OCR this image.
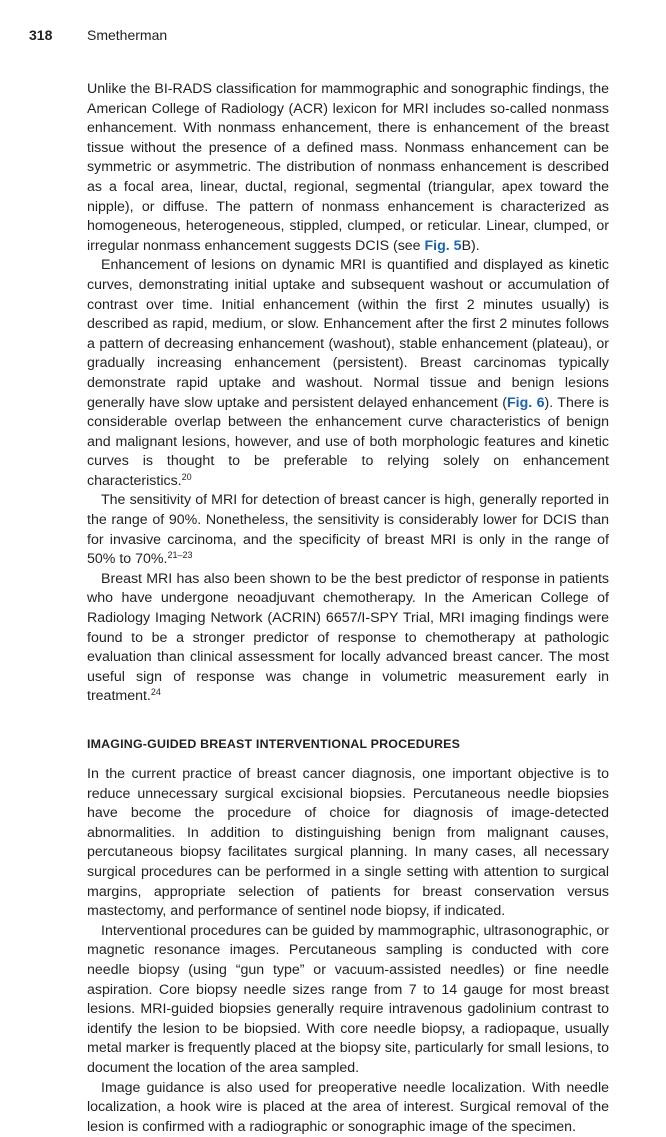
318 Smetherman

Unlike the BI-RADS classification for mammographic and sonographic findings, the American College of Radiology (ACR) lexicon for MRI includes so-called nonmass enhancement. With nonmass enhancement, there is enhancement of the breast tissue without the presence of a defined mass. Nonmass enhancement can be symmetric or asymmetric. The distribution of nonmass enhancement is described as a focal area, linear, ductal, regional, segmental (triangular, apex toward the nipple), or diffuse. The pattern of nonmass enhancement is characterized as homogeneous, heterogeneous, stippled, clumped, or reticular. Linear, clumped, or irregular nonmass enhancement suggests DCIS (see Fig. 5B).

Enhancement of lesions on dynamic MRI is quantified and displayed as kinetic curves, demonstrating initial uptake and subsequent washout or accumulation of contrast over time. Initial enhancement (within the first 2 minutes usually) is described as rapid, medium, or slow. Enhancement after the first 2 minutes follows a pattern of decreasing enhancement (washout), stable enhancement (plateau), or gradually increasing enhancement (persistent). Breast carcinomas typically demonstrate rapid uptake and washout. Normal tissue and benign lesions generally have slow uptake and persistent delayed enhancement (Fig. 6). There is considerable overlap between the enhancement curve characteristics of benign and malignant lesions, however, and use of both morphologic features and kinetic curves is thought to be preferable to relying solely on enhancement characteristics.$^{20}$

The sensitivity of MRI for detection of breast cancer is high, generally reported in the range of 90%. Nonetheless, the sensitivity is considerably lower for DCIS than for invasive carcinoma, and the specificity of breast MRI is only in the range of 50% to 70%.$^{21-23}$

Breast MRI has also been shown to be the best predictor of response in patients who have undergone neoadjuvant chemotherapy. In the American College of Radiology Imaging Network (ACRIN) 6657/I-SPY Trial, MRI imaging findings were found to be a stronger predictor of response to chemotherapy at pathologic evaluation than clinical assessment for locally advanced breast cancer. The most useful sign of response was change in volumetric measurement early in treatment.$^{24}$

IMAGING-GUIDED BREAST INTERVENTIONAL PROCEDURES

In the current practice of breast cancer diagnosis, one important objective is to reduce unnecessary surgical excisional biopsies. Percutaneous needle biopsies have become the procedure of choice for diagnosis of image-detected abnormalities. In addition to distinguishing benign from malignant causes, percutaneous biopsy facilitates surgical planning. In many cases, all necessary surgical procedures can be performed in a single setting with attention to surgical margins, appropriate selection of patients for breast conservation versus mastectomy, and performance of sentinel node biopsy, if indicated.

Interventional procedures can be guided by mammographic, ultrasonographic, or magnetic resonance images. Percutaneous sampling is conducted with core needle biopsy (using “gun type” or vacuum-assisted needles) or fine needle aspiration. Core biopsy needle sizes range from 7 to 14 gauge for most breast lesions. MRI-guided biopsies generally require intravenous gadolinium contrast to identify the lesion to be biopsied. With core needle biopsy, a radiopaque, usually metal marker is frequently placed at the biopsy site, particularly for small lesions, to document the location of the area sampled.

Image guidance is also used for preoperative needle localization. With needle localization, a hook wire is placed at the area of interest. Surgical removal of the lesion is confirmed with a radiographic or sonographic image of the specimen.
